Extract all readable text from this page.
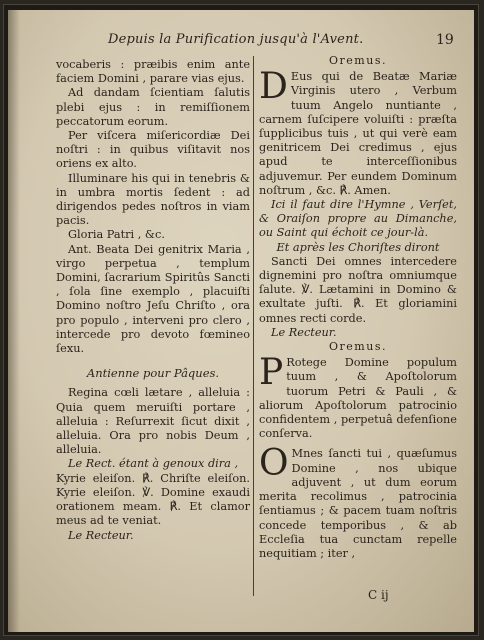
Depuis la Purification jusqu'à l'Avent.	19

vocaberis : præibis enim ante faciem Domini , parare vias ejus.

Ad dandam ſcientiam ſalutis plebi ejus : in remiſſionem peccatorum eorum.

Per viſcera miſericordiæ Dei noſtri : in quibus viſitavit nos oriens ex alto.

Illuminare his qui in tenebris & in umbra mortis ſedent : ad dirigendos pedes noſtros in viam pacis.

Gloria Patri , &c.

Ant. Beata Dei genitrix Maria , virgo perpetua , templum Domini, ſacrarium Spiritûs Sancti , ſola ſine exemplo , placuiſti Domino noſtro Jeſu Chriſto , ora pro populo , interveni pro clero , intercede pro devoto fœmineo ſexu.

Antienne pour Pâques.

Regina cœli lætare , alleluia : Quia quem meruiſti portare , alleluia : Reſurrexit ſicut dixit , alleluia. Ora pro nobis Deum , alleluia.

Le Rect. étant à genoux dira ,

Kyrie eleiſon. ℟. Chriſte eleiſon. Kyrie eleiſon. ℣. Domine exaudi orationem meam. ℟. Et clamor meus ad te veniat.

Le Recteur.

Oremus.

D Eus qui de Beatæ Mariæ Virginis utero , Verbum tuum Angelo nuntiante , carnem ſuſcipere voluiſti : præſta ſupplicibus tuis , ut qui verè eam genitricem Dei credimus , ejus apud te interceſſionibus adjuvemur. Per eundem Dominum noſtrum , &c. ℟. Amen.

Ici il faut dire l'Hymne , Verſet, & Oraiſon propre au Dimanche, ou Saint qui échoit ce jour-là.

Et après les Choriſtes diront

Sancti Dei omnes intercedere dignemini pro noſtra omniumque ſalute. ℣. Lætamini in Domino & exultate juſti. ℟. Et gloriamini omnes recti corde.

Le Recteur.

Oremus.

P Rotege Domine populum tuum , & Apoſtolorum tuorum Petri & Pauli , & aliorum Apoſtolorum patrocinio confidentem , perpetuâ defenſione conſerva.

O Mnes ſancti tui , quæſumus Domine , nos ubique adjuvent , ut dum eorum merita recolimus , patrocinia ſentiamus ; & pacem tuam noſtris concede temporibus , & ab Eccleſia tua cunctam repelle nequitiam ; iter ,

C ij
